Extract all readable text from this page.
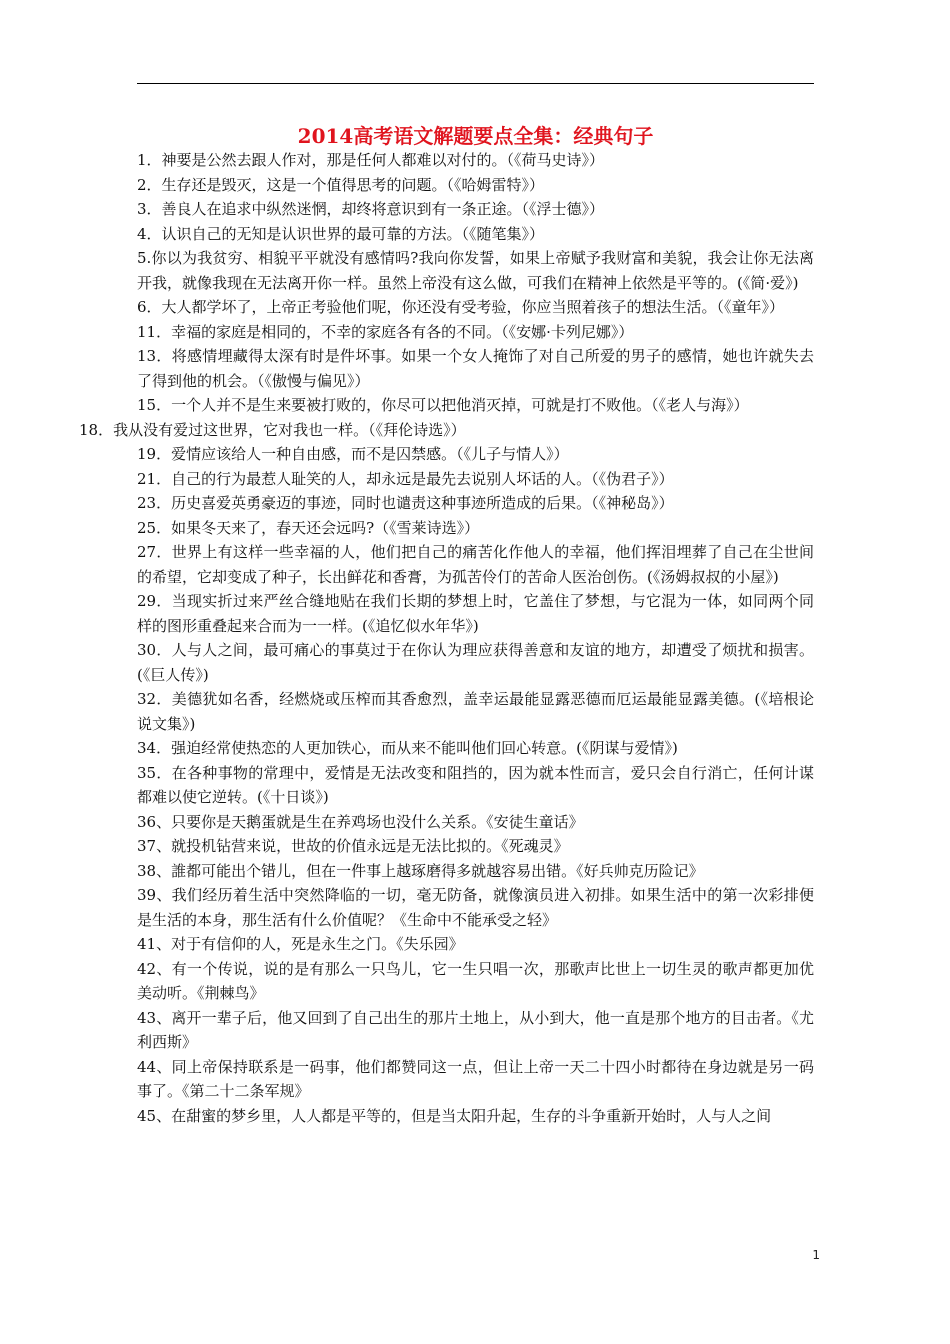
2014高考语文解题要点全集：经典句子

1．神要是公然去跟人作对，那是任何人都难以对付的。（《荷马史诗》）

2．生存还是毁灭，这是一个值得思考的问题。（《哈姆雷特》）

3．善良人在追求中纵然迷惘，却终将意识到有一条正途。（《浮士德》）

4．认识自己的无知是认识世界的最可靠的方法。（《随笔集》）

5.你以为我贫穷、相貌平平就没有感情吗?我向你发誓，如果上帝赋予我财富和美貌，我会让你无法离开我，就像我现在无法离开你一样。虽然上帝没有这么做，可我们在精神上依然是平等的。(《简·爱》)

6．大人都学坏了，上帝正考验他们呢，你还没有受考验，你应当照着孩子的想法生活。（《童年》）

11．幸福的家庭是相同的，不幸的家庭各有各的不同。（《安娜·卡列尼娜》）

13．将感情埋藏得太深有时是件坏事。如果一个女人掩饰了对自己所爱的男子的感情，她也许就失去了得到他的机会。（《傲慢与偏见》）

15．一个人并不是生来要被打败的，你尽可以把他消灭掉，可就是打不败他。（《老人与海》）

18．我从没有爱过这世界，它对我也一样。（《拜伦诗选》）

19．爱情应该给人一种自由感，而不是囚禁感。（《儿子与情人》）

21．自己的行为最惹人耻笑的人，却永远是最先去说别人坏话的人。（《伪君子》）

23．历史喜爱英勇豪迈的事迹，同时也谴责这种事迹所造成的后果。（《神秘岛》）

25．如果冬天来了，春天还会远吗?（《雪莱诗选》）

27．世界上有这样一些幸福的人，他们把自己的痛苦化作他人的幸福，他们挥泪埋葬了自己在尘世间的希望，它却变成了种子，长出鲜花和香膏，为孤苦伶仃的苦命人医治创伤。(《汤姆叔叔的小屋》)

29．当现实折过来严丝合缝地贴在我们长期的梦想上时，它盖住了梦想，与它混为一体，如同两个同样的图形重叠起来合而为一一样。(《追忆似水年华》)

30．人与人之间，最可痛心的事莫过于在你认为理应获得善意和友谊的地方，却遭受了烦扰和损害。(《巨人传》)

32．美德犹如名香，经燃烧或压榨而其香愈烈，盖幸运最能显露恶德而厄运最能显露美德。(《培根论说文集》)

34．强迫经常使热恋的人更加铁心，而从来不能叫他们回心转意。(《阴谋与爱情》)

35．在各种事物的常理中，爱情是无法改变和阻挡的，因为就本性而言，爱只会自行消亡，任何计谋都难以使它逆转。(《十日谈》)

36、只要你是天鹅蛋就是生在养鸡场也没什么关系。《安徒生童话》

37、就投机钻营来说，世故的价值永远是无法比拟的。《死魂灵》

38、誰都可能出个错儿，但在一件事上越琢磨得多就越容易出错。《好兵帅克历险记》

39、我们经历着生活中突然降临的一切，毫无防备，就像演员进入初排。如果生活中的第一次彩排便是生活的本身，那生活有什么价值呢？《生命中不能承受之轻》

41、对于有信仰的人，死是永生之门。《失乐园》

42、有一个传说，说的是有那么一只鸟儿，它一生只唱一次，那歌声比世上一切生灵的歌声都更加优美动听。《荆棘鸟》

43、离开一辈子后，他又回到了自己出生的那片土地上，从小到大，他一直是那个地方的目击者。《尤利西斯》

44、同上帝保持联系是一码事，他们都赞同这一点，但让上帝一天二十四小时都待在身边就是另一码事了。《第二十二条军规》

45、在甜蜜的梦乡里，人人都是平等的，但是当太阳升起，生存的斗争重新开始时，人与人之间

1
